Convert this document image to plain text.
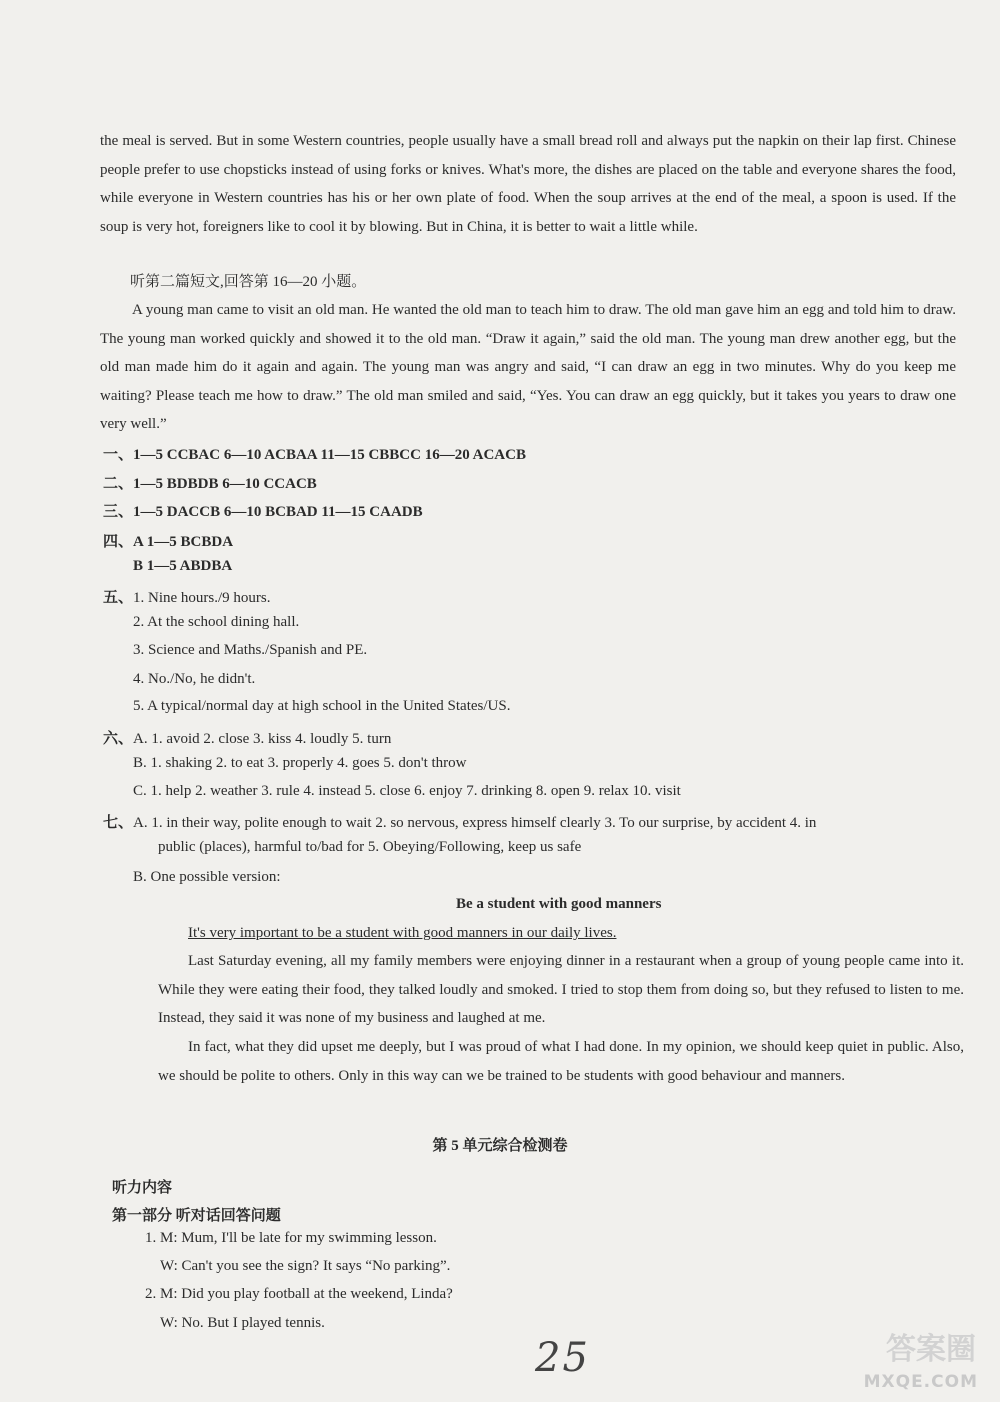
the meal is served. But in some Western countries, people usually have a small bread roll and always put the napkin on their lap first. Chinese people prefer to use chopsticks instead of using forks or knives. What's more, the dishes are placed on the table and everyone shares the food, while everyone in Western countries has his or her own plate of food. When the soup arrives at the end of the meal, a spoon is used. If the soup is very hot, foreigners like to cool it by blowing. But in China, it is better to wait a little while.
听第二篇短文,回答第 16—20 小题。
A young man came to visit an old man. He wanted the old man to teach him to draw. The old man gave him an egg and told him to draw. The young man worked quickly and showed it to the old man. “Draw it again,” said the old man. The young man drew another egg, but the old man made him do it again and again. The young man was angry and said, “I can draw an egg in two minutes. Why do you keep me waiting? Please teach me how to draw.” The old man smiled and said, “Yes. You can draw an egg quickly, but it takes you years to draw one very well.”
一、1—5 CCBAC 6—10 ACBAA 11—15 CBBCC 16—20 ACACB
二、1—5 BDBDB 6—10 CCACB
三、1—5 DACCB 6—10 BCBAD 11—15 CAADB
四、A 1—5 BCBDA
B 1—5 ABDBA
五、1. Nine hours./9 hours.
2. At the school dining hall.
3. Science and Maths./Spanish and PE.
4. No./No, he didn't.
5. A typical/normal day at high school in the United States/US.
六、A. 1. avoid 2. close 3. kiss 4. loudly 5. turn
B. 1. shaking 2. to eat 3. properly 4. goes 5. don't throw
C. 1. help 2. weather 3. rule 4. instead 5. close 6. enjoy 7. drinking 8. open 9. relax 10. visit
七、A. 1. in their way, polite enough to wait 2. so nervous, express himself clearly 3. To our surprise, by accident 4. in
public (places), harmful to/bad for 5. Obeying/Following, keep us safe
B. One possible version:
Be a student with good manners
It's very important to be a student with good manners in our daily lives.
Last Saturday evening, all my family members were enjoying dinner in a restaurant when a group of young people came into it. While they were eating their food, they talked loudly and smoked. I tried to stop them from doing so, but they refused to listen to me. Instead, they said it was none of my business and laughed at me.
In fact, what they did upset me deeply, but I was proud of what I had done. In my opinion, we should keep quiet in public. Also, we should be polite to others. Only in this way can we be trained to be students with good behaviour and manners.
第 5 单元综合检测卷
听力内容
第一部分 听对话回答问题
1. M: Mum, I'll be late for my swimming lesson.
W: Can't you see the sign? It says “No parking”.
2. M: Did you play football at the weekend, Linda?
W: No. But I played tennis.
25	答案圈
MXQE.COM
